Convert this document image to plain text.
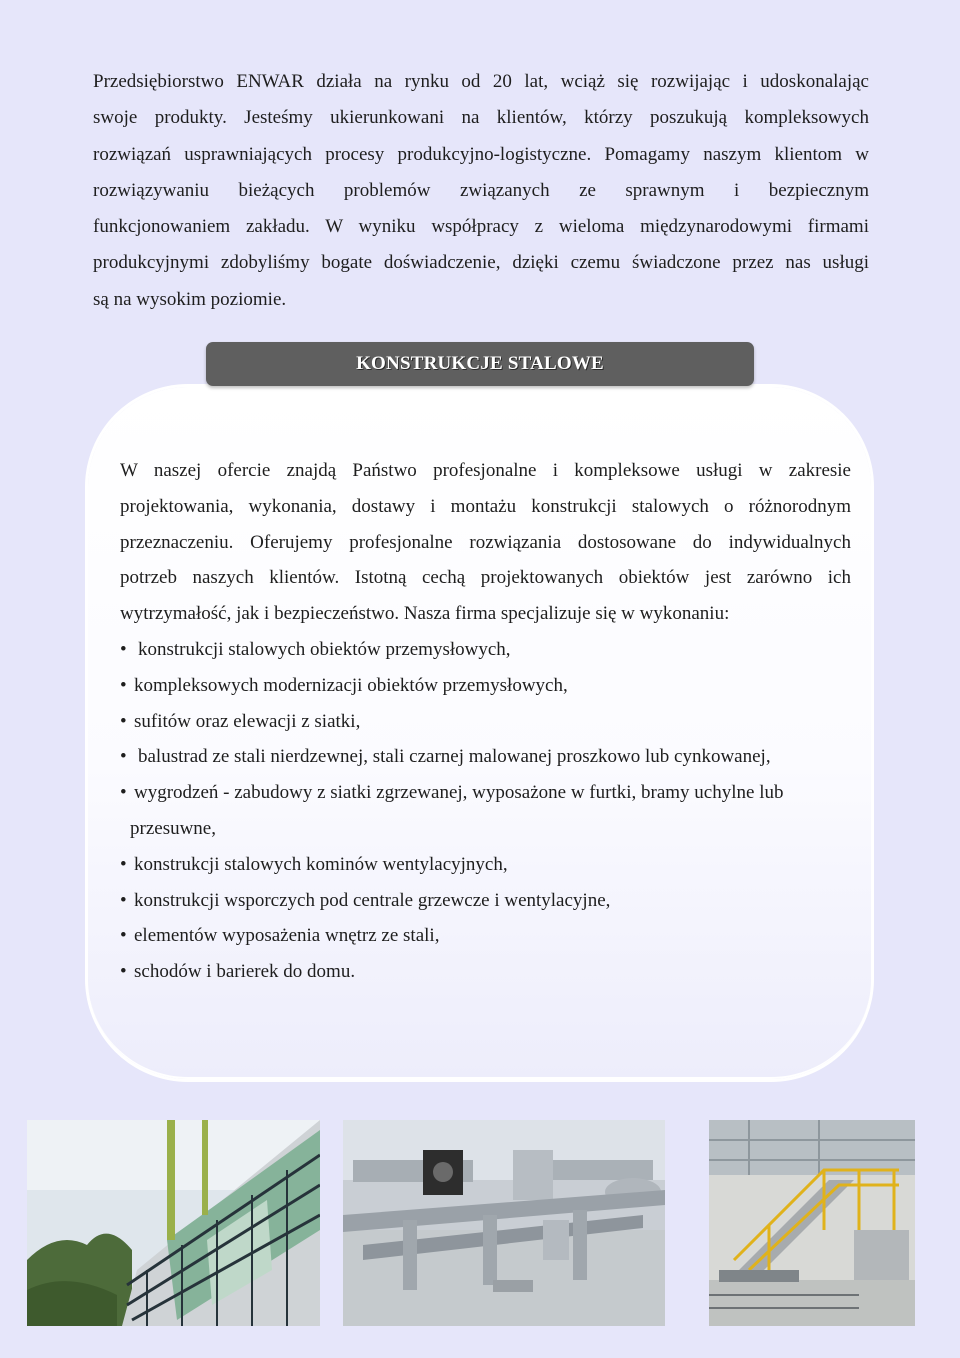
Przedsiębiorstwo ENWAR działa na rynku od 20 lat, wciąż się rozwijając i udoskonalając
swoje produkty. Jesteśmy ukierunkowani na klientów, którzy poszukują kompleksowych
rozwiązań usprawniających procesy produkcyjno-logistyczne. Pomagamy naszym klientom w
rozwiązywaniu bieżących problemów związanych ze sprawnym i bezpiecznym
funkcjonowaniem zakładu. W wyniku współpracy z wieloma międzynarodowymi firmami
produkcyjnymi zdobyliśmy bogate doświadczenie, dzięki czemu świadczone przez nas usługi
są na wysokim poziomie.
KONSTRUKCJE STALOWE
W naszej ofercie znajdą Państwo profesjonalne i kompleksowe usługi w zakresie
projektowania, wykonania, dostawy i montażu konstrukcji stalowych o różnorodnym
przeznaczeniu. Oferujemy profesjonalne rozwiązania dostosowane do indywidualnych
potrzeb naszych klientów. Istotną cechą projektowanych obiektów jest zarówno ich
wytrzymałość, jak i bezpieczeństwo. Nasza firma specjalizuje się w wykonaniu:
• konstrukcji stalowych obiektów przemysłowych,
• kompleksowych modernizacji obiektów przemysłowych,
• sufitów oraz elewacji z siatki,
• balustrad ze stali nierdzewnej, stali czarnej malowanej proszkowo lub cynkowanej,
• wygrodzeń - zabudowy z siatki zgrzewanej, wyposażone w furtki, bramy uchylne lub
przesuwne,
• konstrukcji stalowych kominów wentylacyjnych,
• konstrukcji wsporczych pod centrale grzewcze i wentylacyjne,
• elementów wyposażenia wnętrz ze stali,
• schodów i barierek do domu.
